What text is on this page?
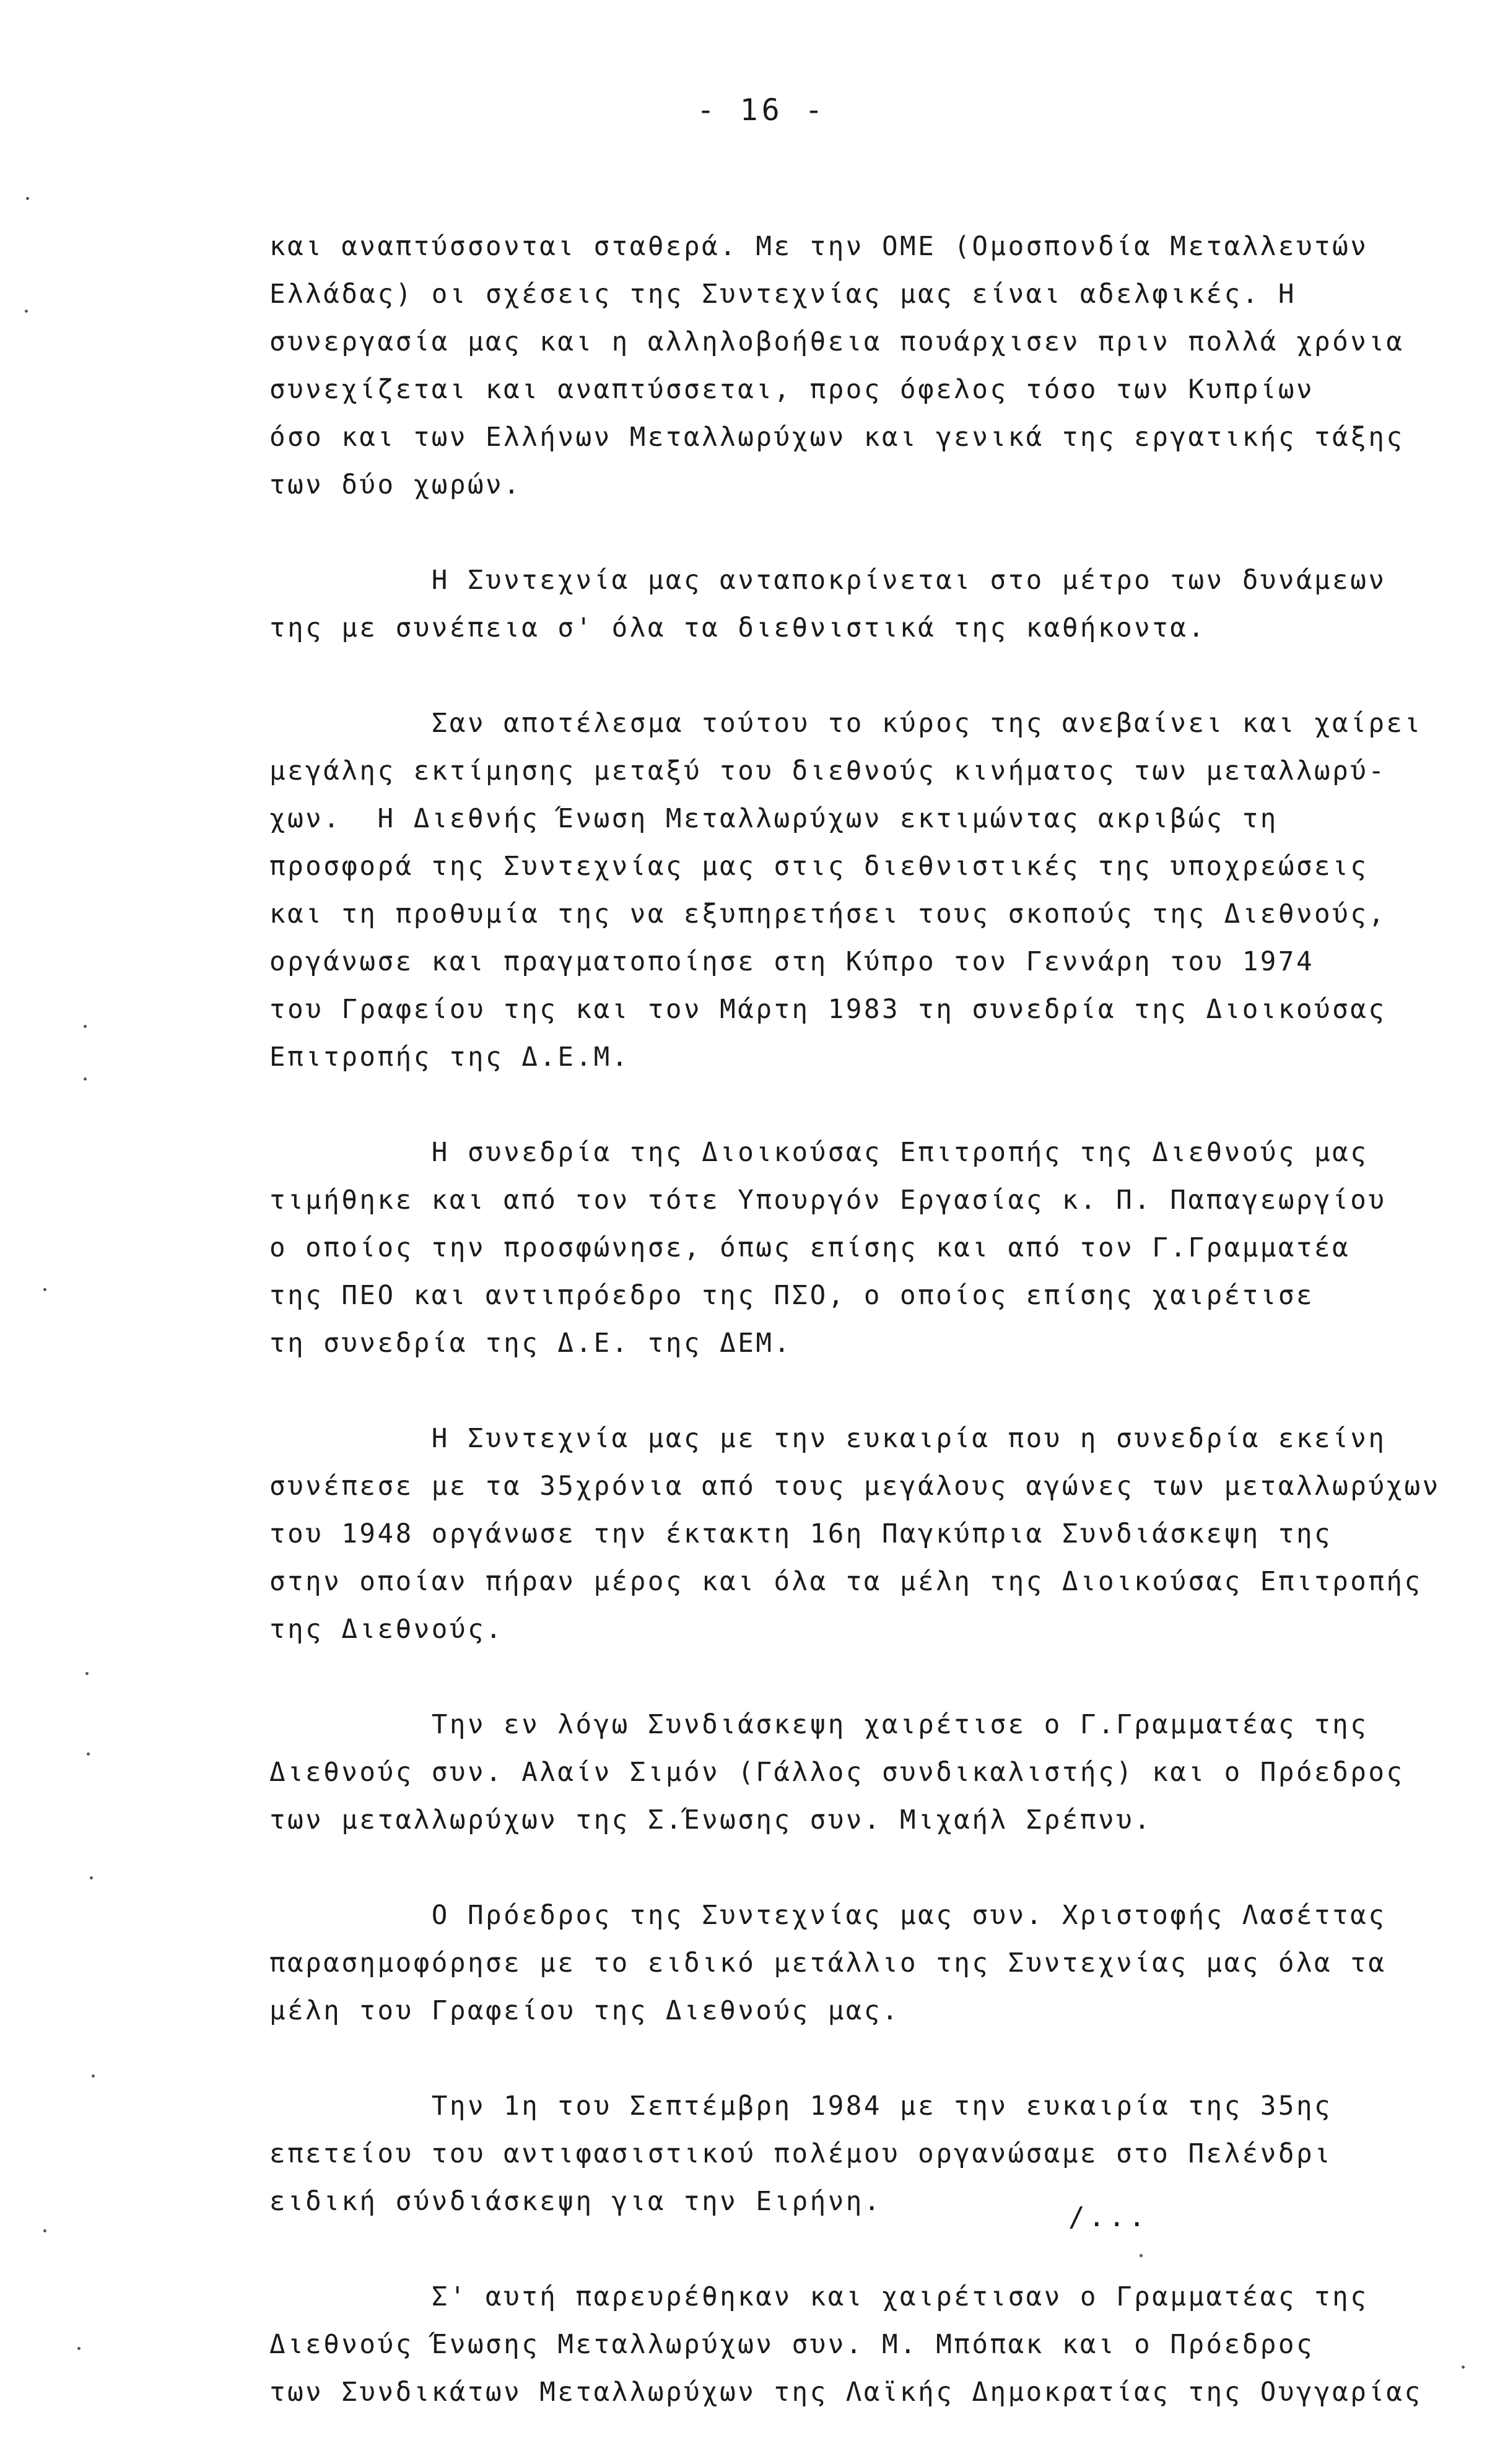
- 16 -
και αναπτύσσονται σταθερά. Με την ΟΜΕ (Ομοσπονδία Μεταλλευτών
Ελλάδας) οι σχέσεις της Συντεχνίας μας είναι αδελφικές. Η
συνεργασία μας και η αλληλοβοήθεια πουάρχισεν πριν πολλά χρόνια
συνεχίζεται και αναπτύσσεται, προς όφελος τόσο των Κυπρίων
όσο και των Ελλήνων Μεταλλωρύχων και γενικά της εργατικής τάξης
των δύο χωρών.
Η Συντεχνία μας ανταποκρίνεται στο μέτρο των δυνάμεων
της με συνέπεια σ' όλα τα διεθνιστικά της καθήκοντα.
Σαν αποτέλεσμα τούτου το κύρος της ανεβαίνει και χαίρει
μεγάλης εκτίμησης μεταξύ του διεθνούς κινήματος των μεταλλωρύ-
χων.  Η Διεθνής Ένωση Μεταλλωρύχων εκτιμώντας ακριβώς τη
προσφορά της Συντεχνίας μας στις διεθνιστικές της υποχρεώσεις
και τη προθυμία της να εξυπηρετήσει τους σκοπούς της Διεθνούς,
οργάνωσε και πραγματοποίησε στη Κύπρο τον Γεννάρη του 1974
του Γραφείου της και τον Μάρτη 1983 τη συνεδρία της Διοικούσας
Επιτροπής της Δ.Ε.Μ.
Η συνεδρία της Διοικούσας Επιτροπής της Διεθνούς μας
τιμήθηκε και από τον τότε Υπουργόν Εργασίας κ. Π. Παπαγεωργίου
ο οποίος την προσφώνησε, όπως επίσης και από τον Γ.Γραμματέα
της ΠΕΟ και αντιπρόεδρο της ΠΣΟ, ο οποίος επίσης χαιρέτισε
τη συνεδρία της Δ.Ε. της ΔΕΜ.
Η Συντεχνία μας με την ευκαιρία που η συνεδρία εκείνη
συνέπεσε με τα 35χρόνια από τους μεγάλους αγώνες των μεταλλωρύχων
του 1948 οργάνωσε την έκτακτη 16η Παγκύπρια Συνδιάσκεψη της
στην οποίαν πήραν μέρος και όλα τα μέλη της Διοικούσας Επιτροπής
της Διεθνούς.
Την εν λόγω Συνδιάσκεψη χαιρέτισε ο Γ.Γραμματέας της
Διεθνούς συν. Αλαίν Σιμόν (Γάλλος συνδικαλιστής) και ο Πρόεδρος
των μεταλλωρύχων της Σ.Ένωσης συν. Μιχαήλ Σρέπνυ.
Ο Πρόεδρος της Συντεχνίας μας συν. Χριστοφής Λασέττας
παρασημοφόρησε με το ειδικό μετάλλιο της Συντεχνίας μας όλα τα
μέλη του Γραφείου της Διεθνούς μας.
Την 1η του Σεπτέμβρη 1984 με την ευκαιρία της 35ης
επετείου του αντιφασιστικού πολέμου οργανώσαμε στο Πελένδρι
ειδική σύνδιάσκεψη για την Ειρήνη.
Σ' αυτή παρευρέθηκαν και χαιρέτισαν ο Γραμματέας της
Διεθνούς Ένωσης Μεταλλωρύχων συν. Μ. Μπόπακ και ο Πρόεδρος
των Συνδικάτων Μεταλλωρύχων της Λαϊκής Δημοκρατίας της Ουγγαρίας
/...
